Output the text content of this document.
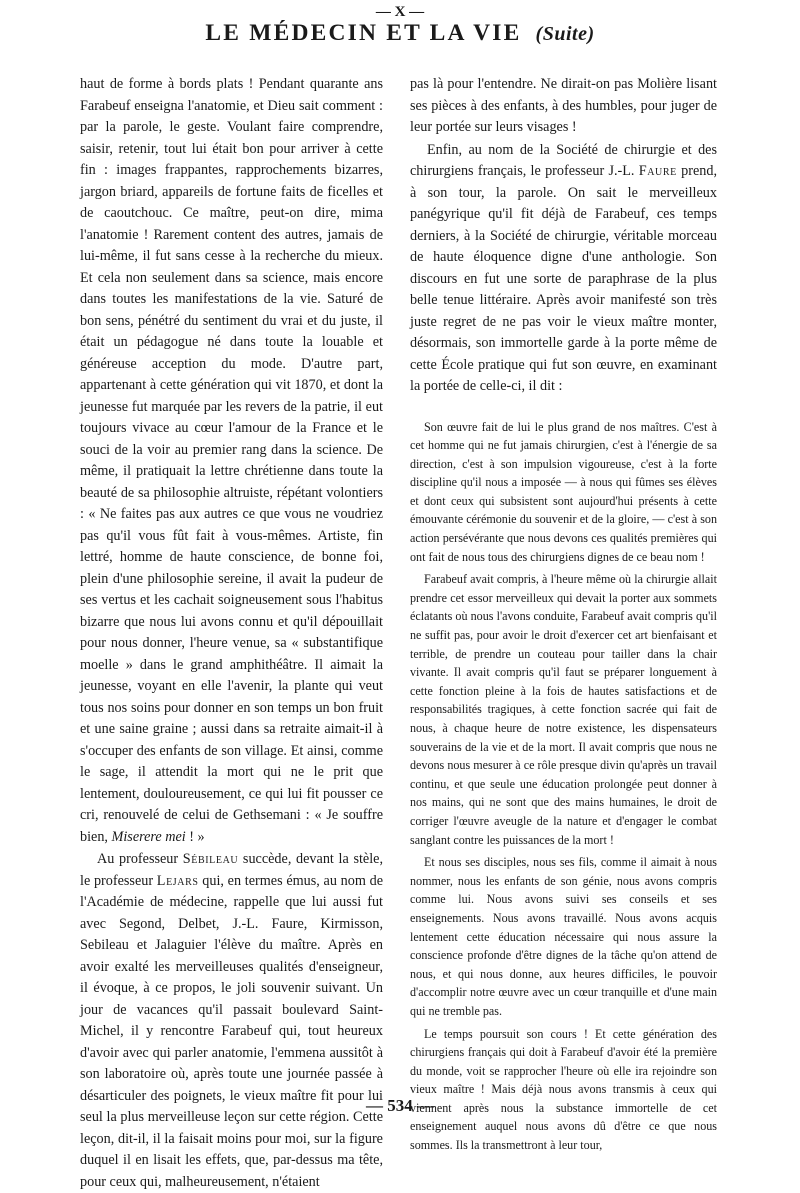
— X —
LE MÉDECIN ET LA VIE (Suite)

haut de forme à bords plats ! Pendant quarante ans Farabeuf enseigna l'anatomie, et Dieu sait comment : par la parole, le geste. Voulant faire comprendre, saisir, retenir, tout lui était bon pour arriver à cette fin : images frappantes, rapprochements bizarres, jargon briard, appareils de fortune faits de ficelles et de caoutchouc. Ce maître, peut-on dire, mima l'anatomie ! Rarement content des autres, jamais de lui-même, il fut sans cesse à la recherche du mieux. Et cela non seulement dans sa science, mais encore dans toutes les manifestations de la vie. Saturé de bon sens, pénétré du sentiment du vrai et du juste, il était un pédagogue né dans toute la louable et généreuse acception du mode. D'autre part, appartenant à cette génération qui vit 1870, et dont la jeunesse fut marquée par les revers de la patrie, il eut toujours vivace au cœur l'amour de la France et le souci de la voir au premier rang dans la science. De même, il pratiquait la lettre chrétienne dans toute la beauté de sa philosophie altruiste, répétant volontiers : « Ne faites pas aux autres ce que vous ne voudriez pas qu'il vous fût fait à vous-mêmes. Artiste, fin lettré, homme de haute conscience, de bonne foi, plein d'une philosophie sereine, il avait la pudeur de ses vertus et les cachait soigneusement sous l'habitus bizarre que nous lui avons connu et qu'il dépouillait pour nous donner, l'heure venue, sa « substantifique moelle » dans le grand amphithéâtre. Il aimait la jeunesse, voyant en elle l'avenir, la plante qui veut tous nos soins pour donner en son temps un bon fruit et une saine graine ; aussi dans sa retraite aimait-il à s'occuper des enfants de son village. Et ainsi, comme le sage, il attendit la mort qui ne le prit que lentement, douloureusement, ce qui lui fit pousser ce cri, renouvelé de celui de Gethsemani : « Je souffre bien, Miserere mei ! »

Au professeur Sébileau succède, devant la stèle, le professeur Lejars qui, en termes émus, au nom de l'Académie de médecine, rappelle que lui aussi fut avec Segond, Delbet, J.-L. Faure, Kirmisson, Sebileau et Jalaguier l'élève du maître. Après en avoir exalté les merveilleuses qualités d'enseigneur, il évoque, à ce propos, le joli souvenir suivant. Un jour de vacances qu'il passait boulevard Saint-Michel, il y rencontre Farabeuf qui, tout heureux d'avoir avec qui parler anatomie, l'emmena aussitôt à son laboratoire où, après toute une journée passée à désarticuler des poignets, le vieux maître fit pour lui seul la plus merveilleuse leçon sur cette région. Cette leçon, dit-il, il la faisait moins pour moi, sur la figure duquel il en lisait les effets, que, par-dessus ma tête, pour ceux qui, malheureusement, n'étaient

pas là pour l'entendre. Ne dirait-on pas Molière lisant ses pièces à des enfants, à des humbles, pour juger de leur portée sur leurs visages !

Enfin, au nom de la Société de chirurgie et des chirurgiens français, le professeur J.-L. Faure prend, à son tour, la parole. On sait le merveilleux panégyrique qu'il fit déjà de Farabeuf, ces temps derniers, à la Société de chirurgie, véritable morceau de haute éloquence digne d'une anthologie. Son discours en fut une sorte de paraphrase de la plus belle tenue littéraire. Après avoir manifesté son très juste regret de ne pas voir le vieux maître monter, désormais, son immortelle garde à la porte même de cette École pratique qui fut son œuvre, en examinant la portée de celle-ci, il dit :

Son œuvre fait de lui le plus grand de nos maîtres. C'est à cet homme qui ne fut jamais chirurgien, c'est à l'énergie de sa direction, c'est à son impulsion vigoureuse, c'est à la forte discipline qu'il nous a imposée — à nous qui fûmes ses élèves et dont ceux qui subsistent sont aujourd'hui présents à cette émouvante cérémonie du souvenir et de la gloire, — c'est à son action persévérante que nous devons ces qualités premières qui ont fait de nous tous des chirurgiens dignes de ce beau nom !

Farabeuf avait compris, à l'heure même où la chirurgie allait prendre cet essor merveilleux qui devait la porter aux sommets éclatants où nous l'avons conduite, Farabeuf avait compris qu'il ne suffit pas, pour avoir le droit d'exercer cet art bienfaisant et terrible, de prendre un couteau pour tailler dans la chair vivante. Il avait compris qu'il faut se préparer longuement à cette fonction pleine à la fois de hautes satisfactions et de responsabilités tragiques, à cette fonction sacrée qui fait de nous, à chaque heure de notre existence, les dispensateurs souverains de la vie et de la mort. Il avait compris que nous ne devons nous mesurer à ce rôle presque divin qu'après un travail continu, et que seule une éducation prolongée peut donner à nos mains, qui ne sont que des mains humaines, le droit de corriger l'œuvre aveugle de la nature et d'engager le combat sanglant contre les puissances de la mort !

Et nous ses disciples, nous ses fils, comme il aimait à nous nommer, nous les enfants de son génie, nous avons compris comme lui. Nous avons suivi ses conseils et ses enseignements. Nous avons travaillé. Nous avons acquis lentement cette éducation nécessaire qui nous assure la conscience profonde d'être dignes de la tâche qu'on attend de nous, et qui nous donne, aux heures difficiles, le pouvoir d'accomplir notre œuvre avec un cœur tranquille et d'une main qui ne tremble pas.

Le temps poursuit son cours ! Et cette génération des chirurgiens français qui doit à Farabeuf d'avoir été la première du monde, voit se rapprocher l'heure où elle ira rejoindre son vieux maître ! Mais déjà nous avons transmis à ceux qui viennent après nous la substance immortelle de cet enseignement auquel nous avons dû d'être ce que nous sommes. Ils la transmettront à leur tour,

— 534 —
